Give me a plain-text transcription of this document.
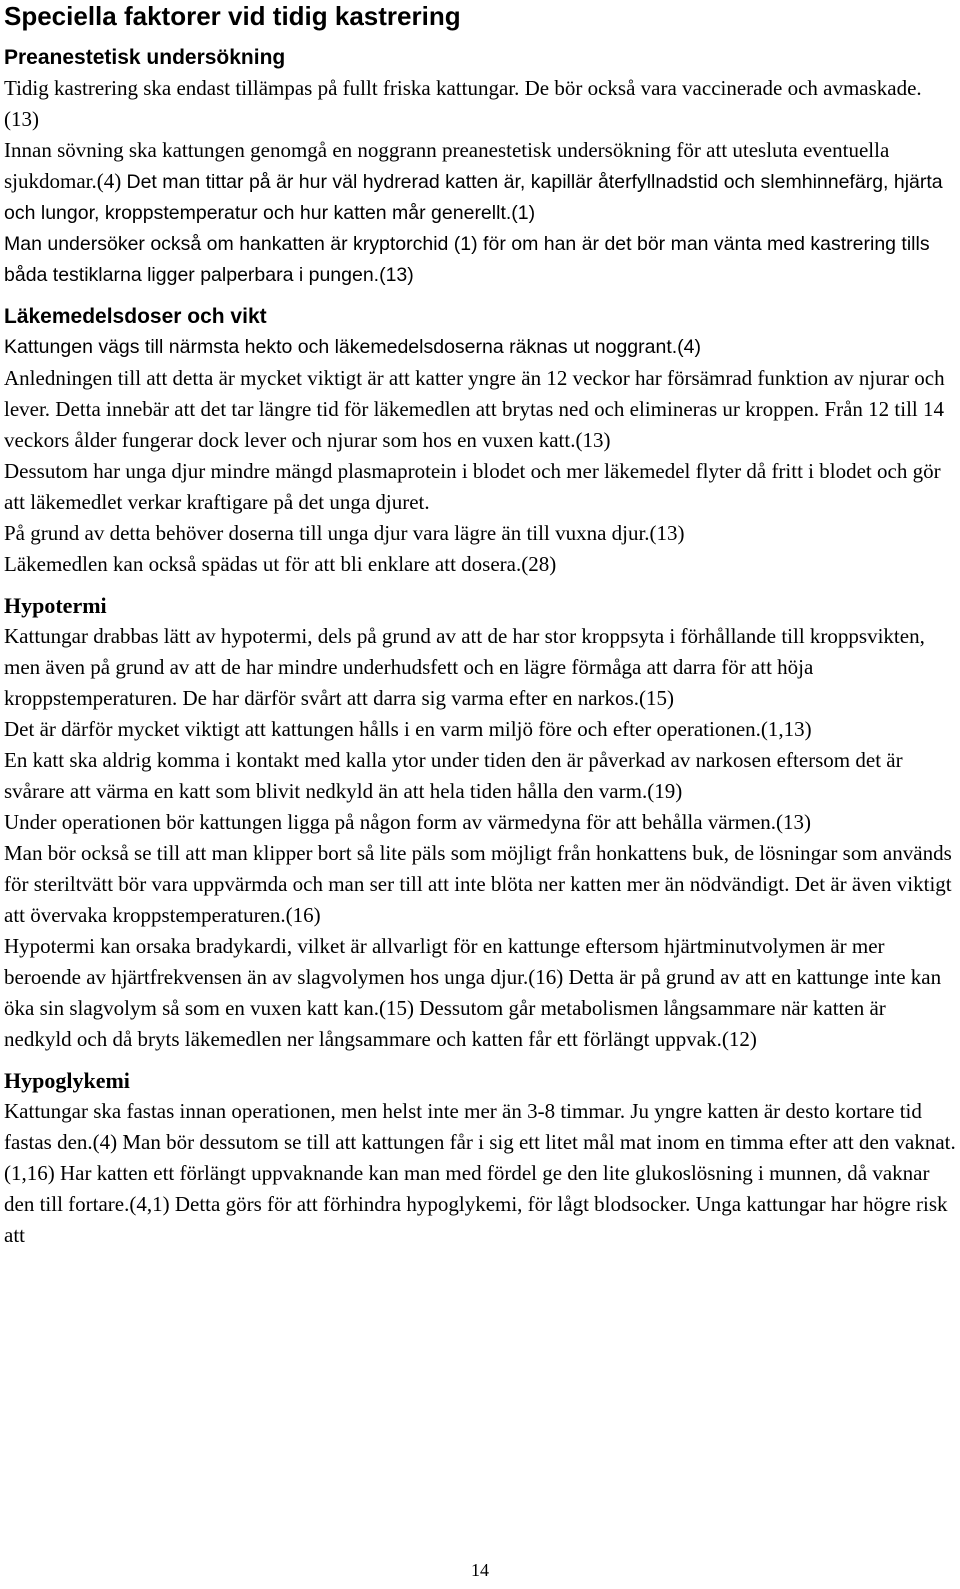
Speciella faktorer vid tidig kastrering
Preanestetisk undersökning

Tidig kastrering ska endast tillämpas på fullt friska kattungar. De bör också vara vaccinerade och avmaskade.(13)

Innan sövning ska kattungen genomgå en noggrann preanestetisk undersökning för att utesluta eventuella sjukdomar.(4) Det man tittar på är hur väl hydrerad katten är, kapillär återfyllnadstid och slemhinnefärg, hjärta och lungor, kroppstemperatur och hur katten mår generellt.(1)

Man undersöker också om hankatten är kryptorchid (1) för om han är det bör man vänta med kastrering tills båda testiklarna ligger palperbara i pungen.(13)

Läkemedelsdoser och vikt

Kattungen vägs till närmsta hekto och läkemedelsdoserna räknas ut noggrant.(4)

Anledningen till att detta är mycket viktigt är att katter yngre än 12 veckor har försämrad funktion av njurar och lever. Detta innebär att det tar längre tid för läkemedlen att brytas ned och elimineras ur kroppen. Från 12 till 14 veckors ålder fungerar dock lever och njurar som hos en vuxen katt.(13)

Dessutom har unga djur mindre mängd plasmaprotein i blodet och mer läkemedel flyter då fritt i blodet och gör att läkemedlet verkar kraftigare på det unga djuret.

På grund av detta behöver doserna till unga djur vara lägre än till vuxna djur.(13)

Läkemedlen kan också spädas ut för att bli enklare att dosera.(28)

Hypotermi

Kattungar drabbas lätt av hypotermi, dels på grund av att de har stor kroppsyta i förhållande till kroppsvikten, men även på grund av att de har mindre underhudsfett och en lägre förmåga att darra för att höja kroppstemperaturen. De har därför svårt att darra sig varma efter en narkos.(15)

Det är därför mycket viktigt att kattungen hålls i en varm miljö före och efter operationen.(1,13)

En katt ska aldrig komma i kontakt med kalla ytor under tiden den är påverkad av narkosen eftersom det är svårare att värma en katt som blivit nedkyld än att hela tiden hålla den varm.(19)

Under operationen bör kattungen ligga på någon form av värmedyna för att behålla värmen.(13)

Man bör också se till att man klipper bort så lite päls som möjligt från honkattens buk, de lösningar som används för steriltvätt bör vara uppvärmda och man ser till att inte blöta ner katten mer än nödvändigt. Det är även viktigt att övervaka kroppstemperaturen.(16)

Hypotermi kan orsaka bradykardi, vilket är allvarligt för en kattunge eftersom hjärtminutvolymen är mer beroende av hjärtfrekvensen än av slagvolymen hos unga djur.(16) Detta är på grund av att en kattunge inte kan öka sin slagvolym så som en vuxen katt kan.(15) Dessutom går metabolismen långsammare när katten är nedkyld och då bryts läkemedlen ner långsammare och katten får ett förlängt uppvak.(12)

Hypoglykemi

Kattungar ska fastas innan operationen, men helst inte mer än 3-8 timmar. Ju yngre katten är desto kortare tid fastas den.(4) Man bör dessutom se till att kattungen får i sig ett litet mål mat inom en timma efter att den vaknat.(1,16) Har katten ett förlängt uppvaknande kan man med fördel ge den lite glukoslösning i munnen, då vaknar den till fortare.(4,1) Detta görs för att förhindra hypoglykemi, för lågt blodsocker. Unga kattungar har högre risk att

14
